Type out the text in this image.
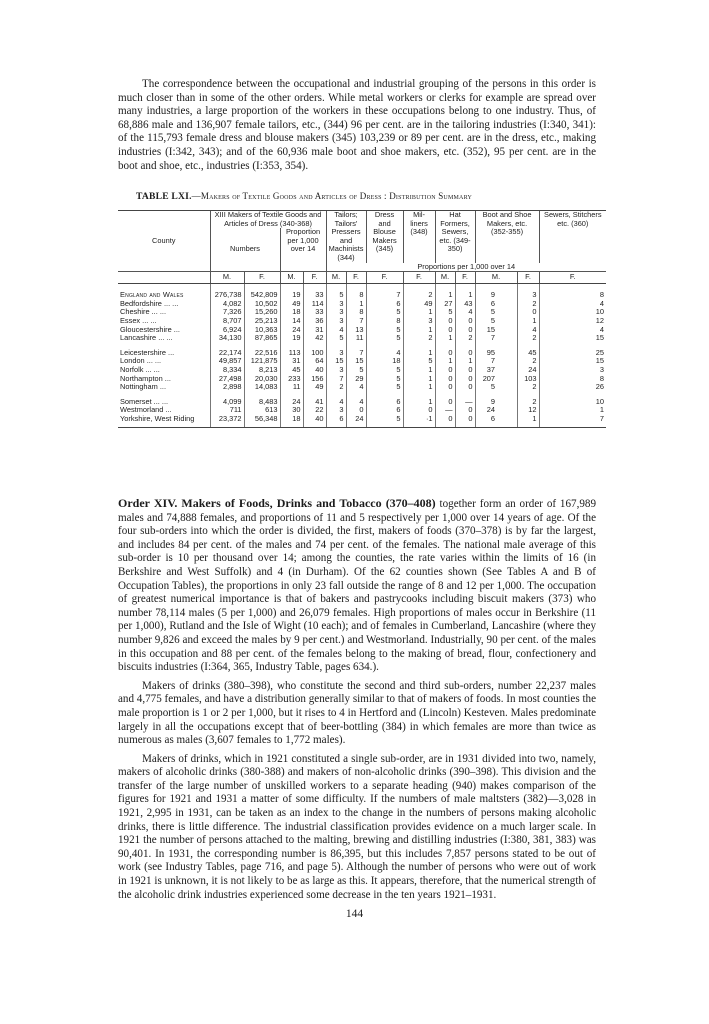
The correspondence between the occupational and industrial grouping of the persons in this order is much closer than in some of the other orders. While metal workers or clerks for example are spread over many industries, a large proportion of the workers in these occupations belong to one industry. Thus, of 68,886 male and 136,907 female tailors, etc., (344) 96 per cent. are in the tailoring industries (I:340, 341): of the 115,793 female dress and blouse makers (345) 103,239 or 89 per cent. are in the dress, etc., making industries (I:342, 343); and of the 60,936 male boot and shoe makers, etc. (352), 95 per cent. are in the boot and shoe, etc., industries (I:353, 354).

TABLE LXI.—Makers of Textile Goods and Articles of Dress : Distribution Summary
County	XIII Makers of Textile Goods and Articles of Dress (340-368)				Tailors; Tailors' Pressers and Machinists (344)		Dress and Blouse Makers (345)	Mil- liners (348)	Hat Formers, Sewers, etc. (349-350)		Boot and Shoe Makers, etc. (352-355)			Sewers, Stitchers etc. (360)
	Numbers		Proportion per 1,000 over 14											
					Proportions per 1,000 over 14									
	M.	F.	M.	F.	M.	F.	F.	F.	M.	F.	M.		F.	F.
England and Wales	276,738	542,809	19	33	5	8	7	2	1	1	9		3	8
Bedfordshire ... ...	4,082	10,502	49	114	3	1	6	49	27	43	6		2	4
Cheshire ... ...	7,326	15,260	18	33	3	8	5	1	5	4	5		0	10
Essex ... ...	8,707	25,213	14	36	3	7	8	3	0	0	5		1	12
Gloucestershire ...	6,924	10,363	24	31	4	13	5	1	0	0	15		4	4
Lancashire ... ...	34,130	87,865	19	42	5	11	5	2	1	2	7		2	15

Leicestershire ...	22,174	22,516	113	100	3	7	4	1	0	0	95		45	25
London ... ...	49,857	121,875	31	64	15	15	18	5	1	1	7		2	15
Norfolk ... ...	8,334	8,213	45	40	3	5	5	1	0	0	37		24	3
Northampton ...	27,498	20,030	233	156	7	29	5	1	0	0	207		103	8
Nottingham ...	2,898	14,083	11	49	2	4	5	1	0	0	5		2	26

Somerset ... ...	4,099	8,483	24	41	4	4	6	1	0	—	9		2	10
Westmorland ...	711	613	30	22	3	0	6	0	—	0	24		12	1
Yorkshire, West Riding	23,372	56,348	18	40	6	24	5	·1	0	0	6		1	7

Order XIV. Makers of Foods, Drinks and Tobacco (370–408) together form an order of 167,989 males and 74,888 females, and proportions of 11 and 5 respectively per 1,000 over 14 years of age. Of the four sub-orders into which the order is divided, the first, makers of foods (370–378) is by far the largest, and includes 84 per cent. of the males and 74 per cent. of the females. The national male average of this sub-order is 10 per thousand over 14; among the counties, the rate varies within the limits of 16 (in Berkshire and West Suffolk) and 4 (in Durham). Of the 62 counties shown (See Tables A and B of Occupation Tables), the proportions in only 23 fall outside the range of 8 and 12 per 1,000. The occupation of greatest numerical importance is that of bakers and pastrycooks including biscuit makers (373) who number 78,114 males (5 per 1,000) and 26,079 females. High proportions of males occur in Berkshire (11 per 1,000), Rutland and the Isle of Wight (10 each); and of females in Cumberland, Lancashire (where they number 9,826 and exceed the males by 9 per cent.) and Westmorland. Industrially, 90 per cent. of the males in this occupation and 88 per cent. of the females belong to the making of bread, flour, confectionery and biscuits industries (I:364, 365, Industry Table, pages 634.).

Makers of drinks (380–398), who constitute the second and third sub-orders, number 22,237 males and 4,775 females, and have a distribution generally similar to that of makers of foods. In most counties the male proportion is 1 or 2 per 1,000, but it rises to 4 in Hertford and (Lincoln) Kesteven. Males predominate largely in all the occupations except that of beer-bottling (384) in which females are more than twice as numerous as males (3,607 females to 1,772 males).

Makers of drinks, which in 1921 constituted a single sub-order, are in 1931 divided into two, namely, makers of alcoholic drinks (380-388) and makers of non-alcoholic drinks (390–398). This division and the transfer of the large number of unskilled workers to a separate heading (940) makes comparison of the figures for 1921 and 1931 a matter of some difficulty. If the numbers of male maltsters (382)—3,028 in 1921, 2,995 in 1931, can be taken as an index to the change in the numbers of persons making alcoholic drinks, there is little difference. The industrial classification provides evidence on a much larger scale. In 1921 the number of persons attached to the malting, brewing and distilling industries (I:380, 381, 383) was 90,401. In 1931, the corresponding number is 86,395, but this includes 7,857 persons stated to be out of work (see Industry Tables, page 716, and page 5). Although the number of persons who were out of work in 1921 is unknown, it is not likely to be as large as this. It appears, therefore, that the numerical strength of the alcoholic drink industries experienced some decrease in the ten years 1921–1931.

144
